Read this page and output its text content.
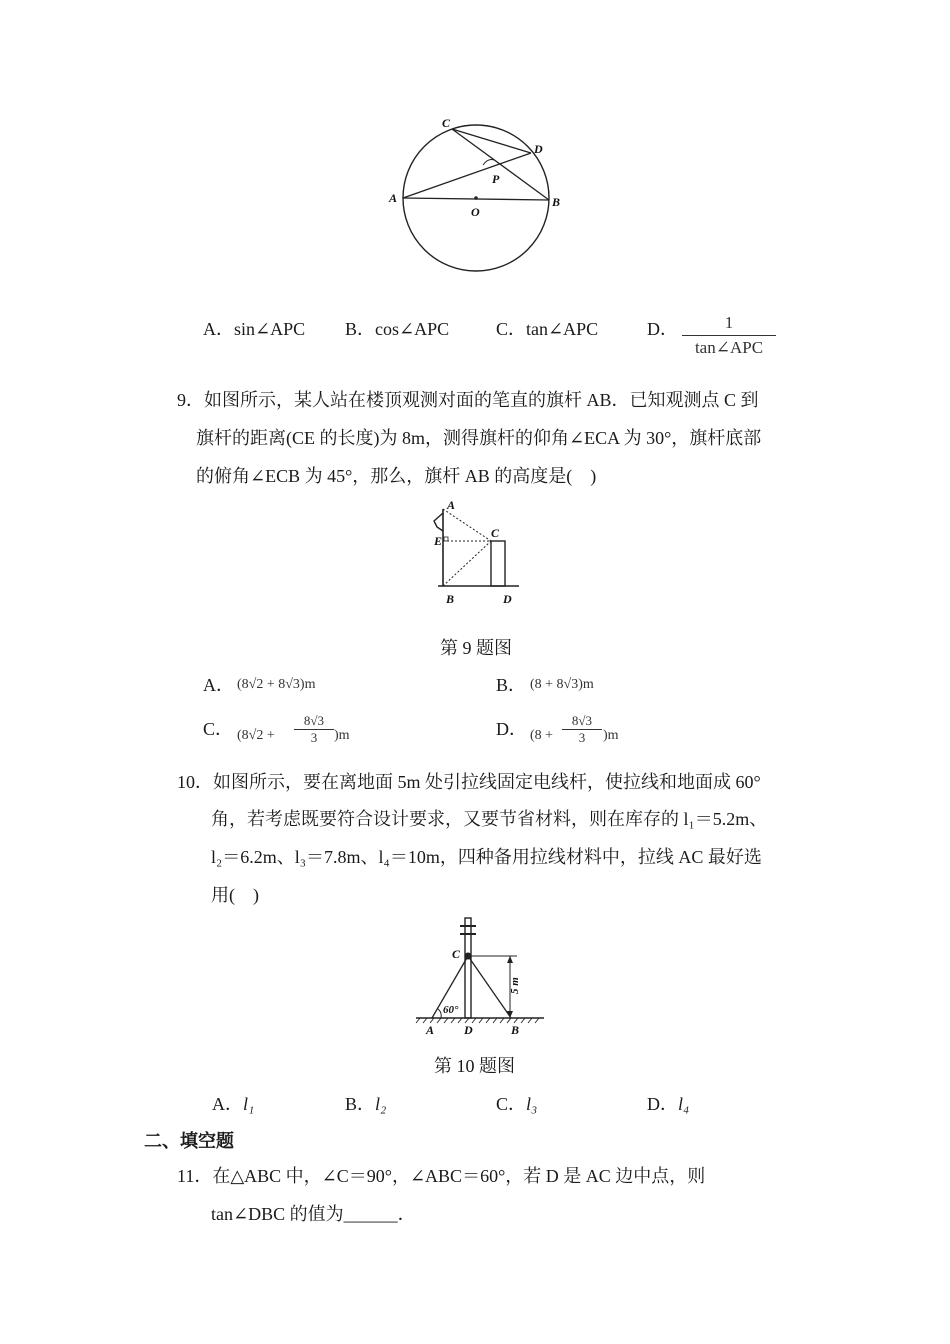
C
D
P
A
O
B
A．sin∠APC B．cos∠APC	C．tan∠APC	D．	1
tan∠APC
9．如图所示，某人站在楼顶观测对面的笔直的旗杆 AB．已知观测点 C 到
旗杆的距离(CE 的长度)为 8m，测得旗杆的仰角∠ECA 为 30°，旗杆底部
的俯角∠ECB 为 45°，那么，旗杆 AB 的高度是(　)
A
E
C
B	D
第 9 题图
A． (8√2 + 8√3)m	B． (8 + 8√3)m
C． $(8√2 + \frac{8√3}{3} )m$	D． $(8 + \frac{8√3}{3} )m$
10．如图所示，要在离地面 5m 处引拉线固定电线杆，使拉线和地面成 60°
角，若考虑既要符合设计要求，又要节省材料，则在库存的 l₁＝5.2m、
l₂＝6.2m、l₃＝7.8m、l₄＝10m，四种备用拉线材料中，拉线 AC 最好选
用(　)
C
60°
5 m
A D	B
第 10 题图
A．l₁	B．l₂	C．l₃	D．l₄
二、填空题
11．在△ABC 中，∠C＝90°，∠ABC＝60°，若 D 是 AC 边中点，则
tan∠DBC 的值为______．
